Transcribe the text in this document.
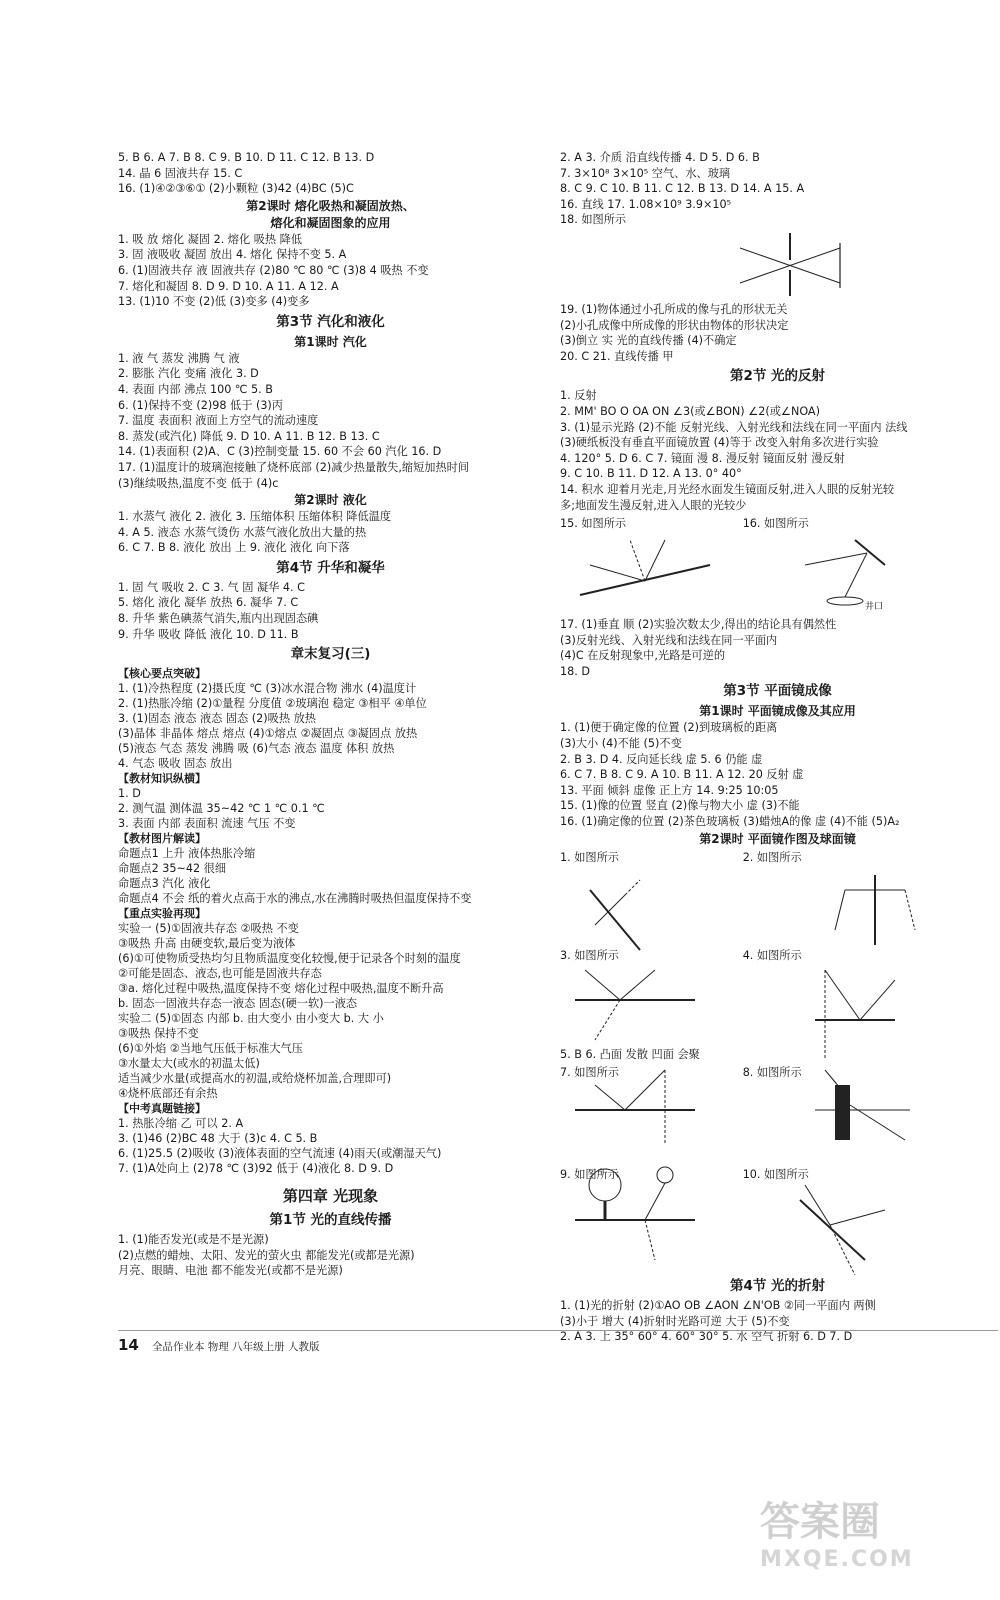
5. B 6. A 7. B 8. C 9. B 10. D 11. C 12. B 13. D
14. 晶 6 固液共存 15. C
16. (1)④②③⑥① (2)小颗粒 (3)42 (4)BC (5)C
第2课时 熔化吸热和凝固放热、
熔化和凝固图象的应用
1. 吸 放 熔化 凝固 2. 熔化 吸热 降低
3. 固 液吸收 凝固 放出 4. 熔化 保持不变 5. A
6. (1)固液共存 液 固液共存 (2)80 ℃ 80 ℃ (3)8 4 吸热 不变
7. 熔化和凝固 8. D 9. D 10. A 11. A 12. A
13. (1)10 不变 (2)低 (3)变多 (4)变多
第3节 汽化和液化
第1课时 汽化
1. 液 气 蒸发 沸腾 气 液
2. 膨胀 汽化 变痛 液化 3. D
4. 表面 内部 沸点 100 ℃ 5. B
6. (1)保持不变 (2)98 低于 (3)丙
7. 温度 表面积 液面上方空气的流动速度
8. 蒸发(或汽化) 降低 9. D 10. A 11. B 12. B 13. C
14. (1)表面积 (2)A、C (3)控制变量 15. 60 不会 60 汽化 16. D
17. (1)温度计的玻璃泡接触了烧杯底部 (2)减少热量散失,缩短加热时间
(3)继续吸热,温度不变 低于 (4)c
第2课时 液化
1. 水蒸气 液化 2. 液化 3. 压缩体积 压缩体积 降低温度
4. A 5. 液态 水蒸气烫伤 水蒸气液化放出大量的热
6. C 7. B 8. 液化 放出 上 9. 液化 液化 向下落
第4节 升华和凝华
1. 固 气 吸收 2. C 3. 气 固 凝华 4. C
5. 熔化 液化 凝华 放热 6. 凝华 7. C
8. 升华 紫色碘蒸气消失,瓶内出现固态碘
9. 升华 吸收 降低 液化 10. D 11. B
章末复习(三)
【核心要点突破】
1. (1)冷热程度 (2)摄氏度 ℃ (3)冰水混合物 沸水 (4)温度计
2. (1)热胀冷缩 (2)①量程 分度值 ②玻璃泡 稳定 ③相平 ④单位
3. (1)固态 液态 液态 固态 (2)吸热 放热
(3)晶体 非晶体 熔点 熔点 (4)①熔点 ②凝固点 ③凝固点 放热
(5)液态 气态 蒸发 沸腾 吸 (6)气态 液态 温度 体积 放热
4. 气态 吸收 固态 放出
【教材知识纵横】
1. D
2. 测气温 测体温 35~42 ℃ 1 ℃ 0.1 ℃
3. 表面 内部 表面积 流速 气压 不变
【教材图片解读】
命题点1 上升 液体热胀冷缩
命题点2 35~42 很细
命题点3 汽化 液化
命题点4 不会 纸的着火点高于水的沸点,水在沸腾时吸热但温度保持不变
【重点实验再现】
实验一 (5)①固液共存态 ②吸热 不变
③吸热 升高 由硬变软,最后变为液体
(6)①可使物质受热均匀且物质温度变化较慢,便于记录各个时刻的温度
②可能是固态、液态,也可能是固液共存态
③a. 熔化过程中吸热,温度保持不变 熔化过程中吸热,温度不断升高
b. 固态一固液共存态一液态 固态(硬一软)一液态
实验二 (5)①固态 内部 b. 由大变小 由小变大 b. 大 小
③吸热 保持不变
(6)①外焰 ②当地气压低于标准大气压
③水量太大(或水的初温太低)
适当减少水量(或提高水的初温,或给烧杯加盖,合理即可)
④烧杯底部还有余热
【中考真题链接】
1. 热胀冷缩 乙 可以 2. A
3. (1)46 (2)BC 48 大于 (3)c 4. C 5. B
6. (1)25.5 (2)吸收 (3)液体表面的空气流速 (4)雨天(或潮湿天气)
7. (1)A处向上 (2)78 ℃ (3)92 低于 (4)液化 8. D 9. D
第四章 光现象
第1节 光的直线传播
1. (1)能否发光(或是不是光源)
(2)点燃的蜡烛、太阳、发光的萤火虫 都能发光(或都是光源)
月亮、眼睛、电池 都不能发光(或都不是光源)
2. A 3. 介质 沿直线传播 4. D 5. D 6. B
7. 3×10⁸ 3×10⁵ 空气、水、玻璃
8. C 9. C 10. B 11. C 12. B 13. D 14. A 15. A
16. 直线 17. 1.08×10⁹ 3.9×10⁵
18. 如图所示
19. (1)物体通过小孔所成的像与孔的形状无关
(2)小孔成像中所成像的形状由物体的形状决定
(3)倒立 实 光的直线传播 (4)不确定
20. C 21. 直线传播 甲
第2节 光的反射
1. 反射
2. MM' BO O OA ON ∠3(或∠BON) ∠2(或∠NOA)
3. (1)显示光路 (2)不能 反射光线、入射光线和法线在同一平面内 法线
(3)硬纸板没有垂直平面镜放置 (4)等于 改变入射角多次进行实验
4. 120° 5. D 6. C 7. 镜面 漫 8. 漫反射 镜面反射 漫反射
9. C 10. B 11. D 12. A 13. 0° 40°
14. 积水 迎着月光走,月光经水面发生镜面反射,进入人眼的反射光较
多;地面发生漫反射,进入人眼的光较少
15. 如图所示	16. 如图所示
井口
17. (1)垂直 顺 (2)实验次数太少,得出的结论具有偶然性
(3)反射光线、入射光线和法线在同一平面内
(4)C 在反射现象中,光路是可逆的
18. D
第3节 平面镜成像
第1课时 平面镜成像及其应用
1. (1)便于确定像的位置 (2)到玻璃板的距离
(3)大小 (4)不能 (5)不变
2. B 3. D 4. 反向延长线 虚 5. 6 仍能 虚
6. C 7. B 8. C 9. A 10. B 11. A 12. 20 反射 虚
13. 平面 倾斜 虚像 正上方 14. 9:25 10:05
15. (1)像的位置 竖直 (2)像与物大小 虚 (3)不能
16. (1)确定像的位置 (2)茶色玻璃板 (3)蜡烛A的像 虚 (4)不能 (5)A₂
第2课时 平面镜作图及球面镜
1. 如图所示	2. 如图所示
3. 如图所示	4. 如图所示
5. B 6. 凸面 发散 凹面 会聚
7. 如图所示	8. 如图所示
9. 如图所示	10. 如图所示
第4节 光的折射
1. (1)光的折射 (2)①AO OB ∠AON ∠N'OB ②同一平面内 两侧
(3)小于 增大 (4)折射时光路可逆 大于 (5)不变
2. A 3. 上 35° 60° 4. 60° 30° 5. 水 空气 折射 6. D 7. D
14 全品作业本 物理 八年级上册 人教版
答案圈
MXQE.COM
